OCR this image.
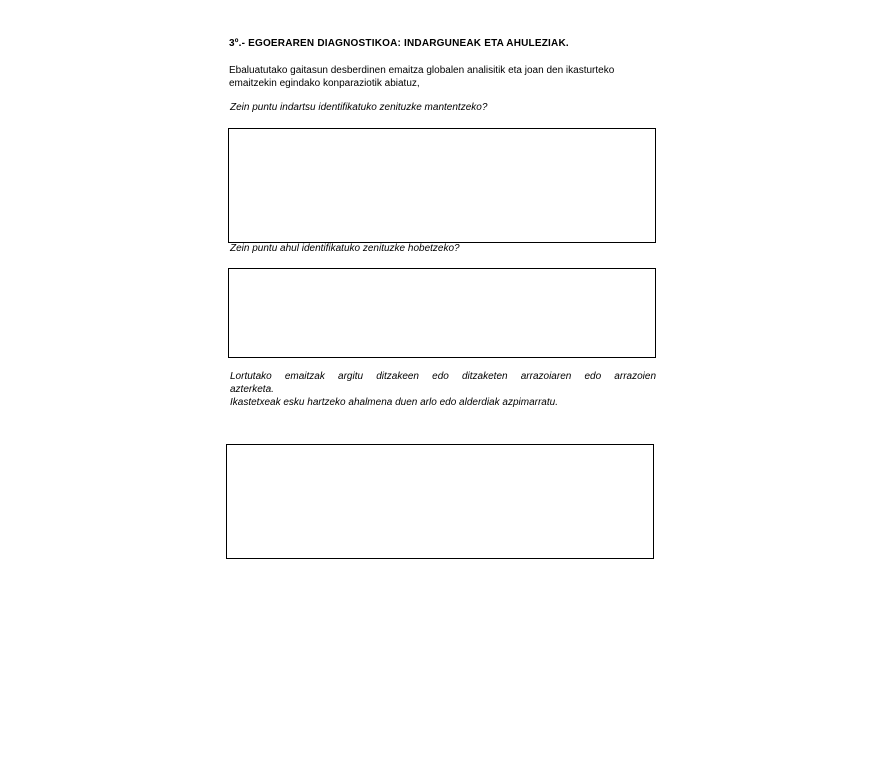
3º.- EGOERAREN DIAGNOSTIKOA: INDARGUNEAK ETA AHULEZIAK.
Ebaluatutako gaitasun desberdinen emaitza globalen analisitik eta joan den ikasturteko emaitzekin egindako konparaziotik abiatuz,
Zein puntu indartsu identifikatuko zenituzke mantentzeko?
Zein puntu ahul identifikatuko zenituzke hobetzeko?
Lortutako emaitzak argitu ditzakeen edo ditzaketen arrazoiaren edo arrazoien
azterketa.
Ikastetxeak esku hartzeko ahalmena duen arlo edo alderdiak azpimarratu.
